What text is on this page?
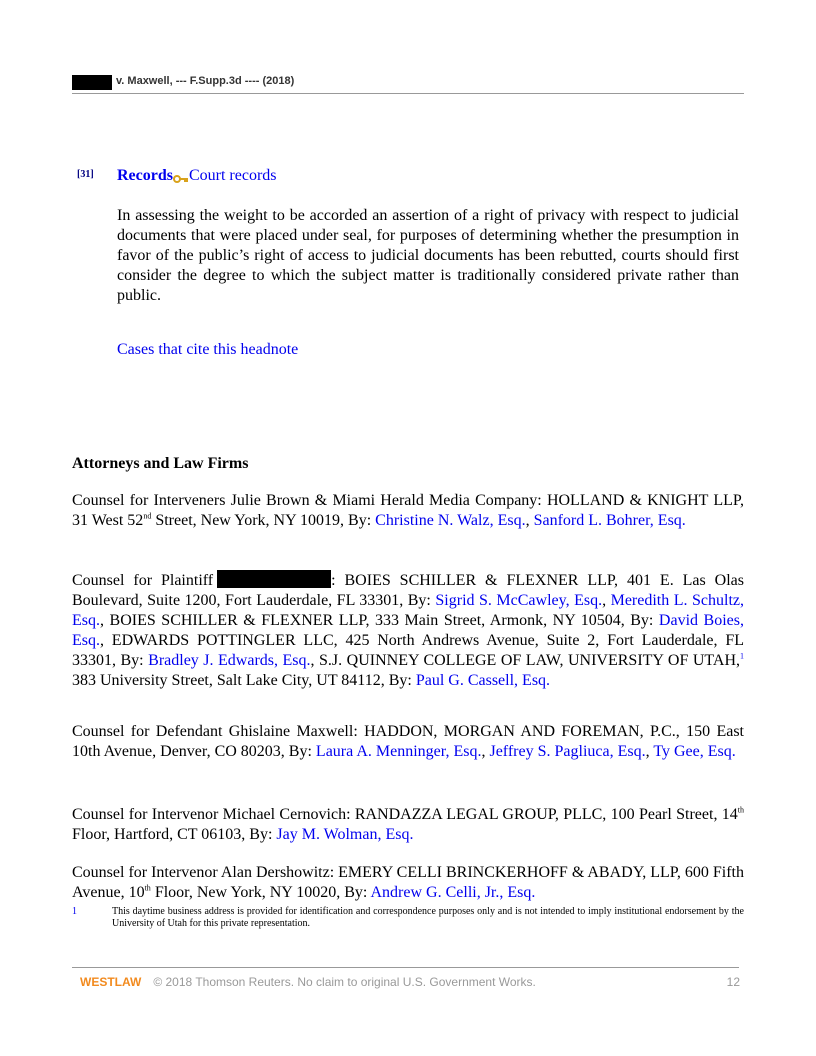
v. Maxwell, --- F.Supp.3d ---- (2018)
[31] Records Court records
In assessing the weight to be accorded an assertion of a right of privacy with respect to judicial documents that were placed under seal, for purposes of determining whether the presumption in favor of the public’s right of access to judicial documents has been rebutted, courts should first consider the degree to which the subject matter is traditionally considered private rather than public.
Cases that cite this headnote
Attorneys and Law Firms
Counsel for Interveners Julie Brown & Miami Herald Media Company: HOLLAND & KNIGHT LLP, 31 West 52nd Street, New York, NY 10019, By: Christine N. Walz, Esq., Sanford L. Bohrer, Esq.
Counsel for Plaintiff	: BOIES SCHILLER & FLEXNER LLP, 401 E. Las Olas Boulevard, Suite 1200, Fort Lauderdale, FL 33301, By: Sigrid S. McCawley, Esq., Meredith L. Schultz, Esq., BOIES SCHILLER & FLEXNER LLP, 333 Main Street, Armonk, NY 10504, By: David Boies, Esq., EDWARDS POTTINGLER LLC, 425 North Andrews Avenue, Suite 2, Fort Lauderdale, FL 33301, By: Bradley J. Edwards, Esq., S.J. QUINNEY COLLEGE OF LAW, UNIVERSITY OF UTAH,$^1$ 383 University Street, Salt Lake City, UT 84112, By: Paul G. Cassell, Esq.
Counsel for Defendant Ghislaine Maxwell: HADDON, MORGAN AND FOREMAN, P.C., 150 East 10th Avenue, Denver, CO 80203, By: Laura A. Menninger, Esq., Jeffrey S. Pagliuca, Esq., Ty Gee, Esq.
Counsel for Intervenor Michael Cernovich: RANDAZZA LEGAL GROUP, PLLC, 100 Pearl Street, 14th Floor, Hartford, CT 06103, By: Jay M. Wolman, Esq.
Counsel for Intervenor Alan Dershowitz: EMERY CELLI BRINCKERHOFF & ABADY, LLP, 600 Fifth Avenue, 10th Floor, New York, NY 10020, By: Andrew G. Celli, Jr., Esq.
1	This daytime business address is provided for identification and correspondence purposes only and is not intended to imply institutional endorsement by the University of Utah for this private representation.
WESTLAW © 2018 Thomson Reuters. No claim to original U.S. Government Works.	12
